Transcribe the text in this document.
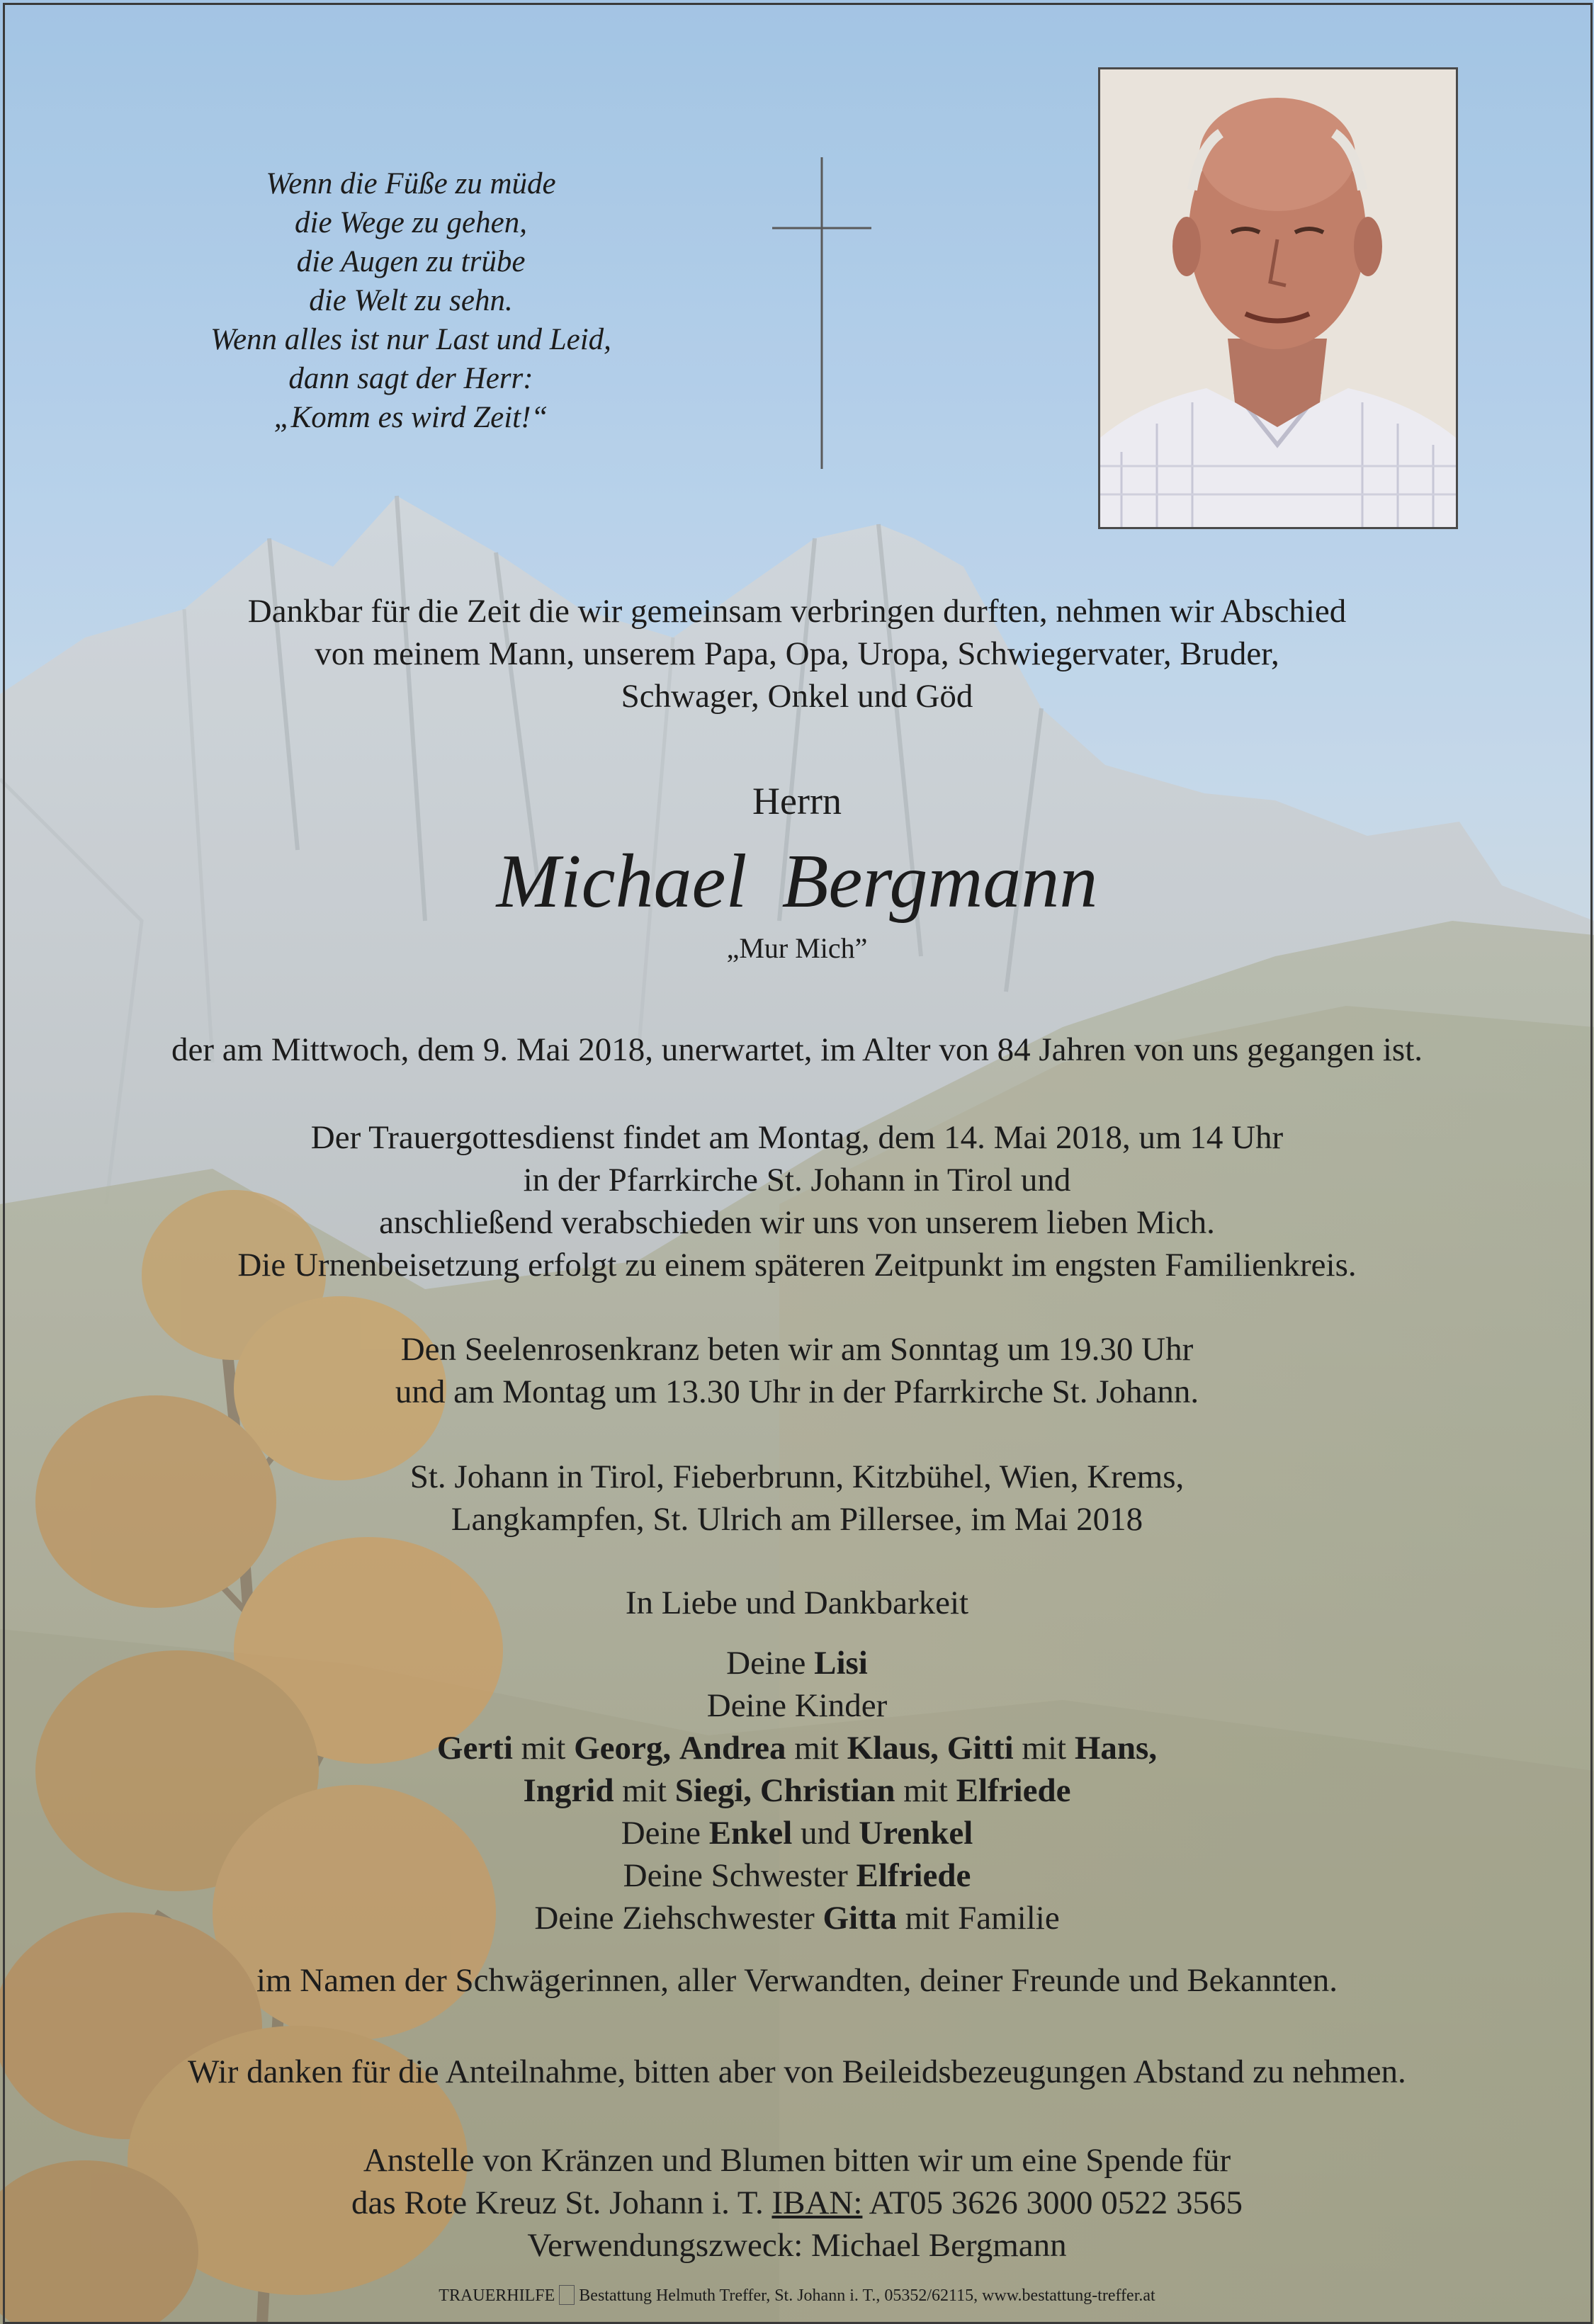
Wenn die Füße zu müde
die Wege zu gehen,
die Augen zu trübe
die Welt zu sehn.
Wenn alles ist nur Last und Leid,
dann sagt der Herr:
„Komm es wird Zeit!“
Dankbar für die Zeit die wir gemeinsam verbringen durften, nehmen wir Abschied
von meinem Mann, unserem Papa, Opa, Uropa, Schwiegervater, Bruder,
Schwager, Onkel und Göd
Herrn
Michael Bergmann
„Mur Mich”
der am Mittwoch, dem 9. Mai 2018, unerwartet, im Alter von 84 Jahren von uns gegangen ist.
Der Trauergottesdienst findet am Montag, dem 14. Mai 2018, um 14 Uhr
in der Pfarrkirche St. Johann in Tirol und
anschließend verabschieden wir uns von unserem lieben Mich.
Die Urnenbeisetzung erfolgt zu einem späteren Zeitpunkt im engsten Familienkreis.
Den Seelenrosenkranz beten wir am Sonntag um 19.30 Uhr
und am Montag um 13.30 Uhr in der Pfarrkirche St. Johann.
St. Johann in Tirol, Fieberbrunn, Kitzbühel, Wien, Krems,
Langkampfen, St. Ulrich am Pillersee, im Mai 2018
In Liebe und Dankbarkeit
Deine Lisi
Deine Kinder
Gerti mit Georg, Andrea mit Klaus, Gitti mit Hans,
Ingrid mit Siegi, Christian mit Elfriede
Deine Enkel und Urenkel
Deine Schwester Elfriede
Deine Ziehschwester Gitta mit Familie
im Namen der Schwägerinnen, aller Verwandten, deiner Freunde und Bekannten.
Wir danken für die Anteilnahme, bitten aber von Beileidsbezeugungen Abstand zu nehmen.
Anstelle von Kränzen und Blumen bitten wir um eine Spende für
das Rote Kreuz St. Johann i. T. IBAN: AT05 3626 3000 0522 3565
Verwendungszweck: Michael Bergmann
TRAUERHILFE Bestattung Helmuth Treffer, St. Johann i. T., 05352/62115, www.bestattung-treffer.at
